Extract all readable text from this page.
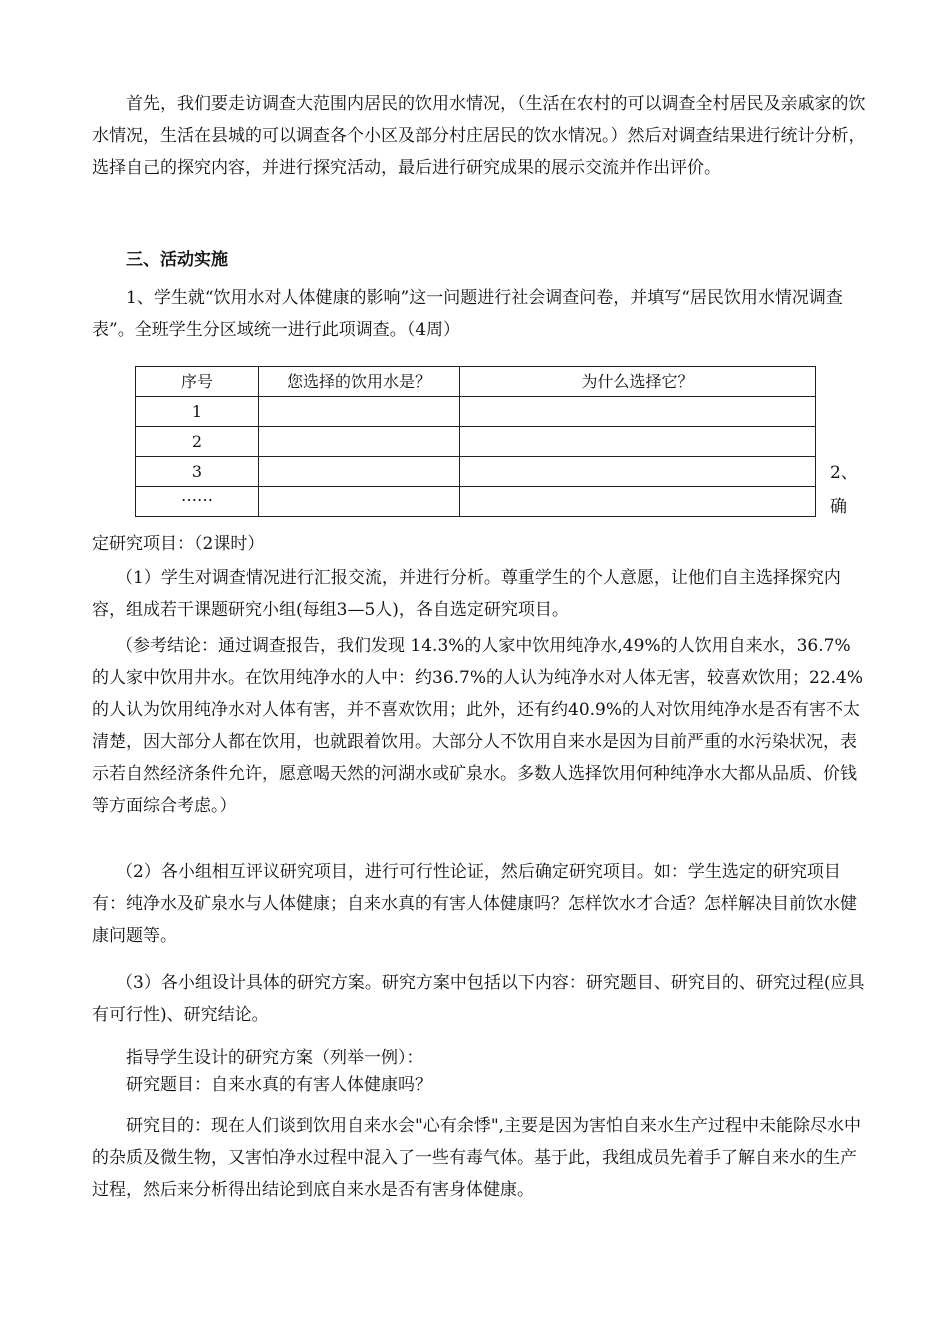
首先，我们要走访调查大范围内居民的饮用水情况，（生活在农村的可以调查全村居民及亲戚家的饮水情况，生活在县城的可以调查各个小区及部分村庄居民的饮水情况。）然后对调查结果进行统计分析，选择自己的探究内容，并进行探究活动，最后进行研究成果的展示交流并作出评价。

三、活动实施

1、学生就“饮用水对人体健康的影响”这一问题进行社会调查问卷，并填写“居民饮用水情况调查表”。全班学生分区域统一进行此项调查。（4周）

序号	您选择的饮用水是？	为什么选择它？
1		
2		
3		
……		
2、
确

定研究项目：（2课时）

（1）学生对调查情况进行汇报交流，并进行分析。尊重学生的个人意愿，让他们自主选择探究内容，组成若干课题研究小组(每组3—5人)，各自选定研究项目。

（参考结论：通过调查报告，我们发现 14.3%的人家中饮用纯净水,49%的人饮用自来水，36.7%的人家中饮用井水。在饮用纯净水的人中：约36.7%的人认为纯净水对人体无害，较喜欢饮用；22.4%的人认为饮用纯净水对人体有害，并不喜欢饮用；此外，还有约40.9%的人对饮用纯净水是否有害不太清楚，因大部分人都在饮用，也就跟着饮用。大部分人不饮用自来水是因为目前严重的水污染状况，表示若自然经济条件允许，愿意喝天然的河湖水或矿泉水。多数人选择饮用何种纯净水大都从品质、价钱等方面综合考虑。）

（2）各小组相互评议研究项目，进行可行性论证，然后确定研究项目。如：学生选定的研究项目有：纯净水及矿泉水与人体健康；自来水真的有害人体健康吗？怎样饮水才合适？怎样解决目前饮水健康问题等。

（3）各小组设计具体的研究方案。研究方案中包括以下内容：研究题目、研究目的、研究过程(应具有可行性)、研究结论。

指导学生设计的研究方案（列举一例）：

研究题目：自来水真的有害人体健康吗？

研究目的：现在人们谈到饮用自来水会"心有余悸",主要是因为害怕自来水生产过程中未能除尽水中的杂质及微生物，又害怕净水过程中混入了一些有毒气体。基于此，我组成员先着手了解自来水的生产过程，然后来分析得出结论到底自来水是否有害身体健康。
